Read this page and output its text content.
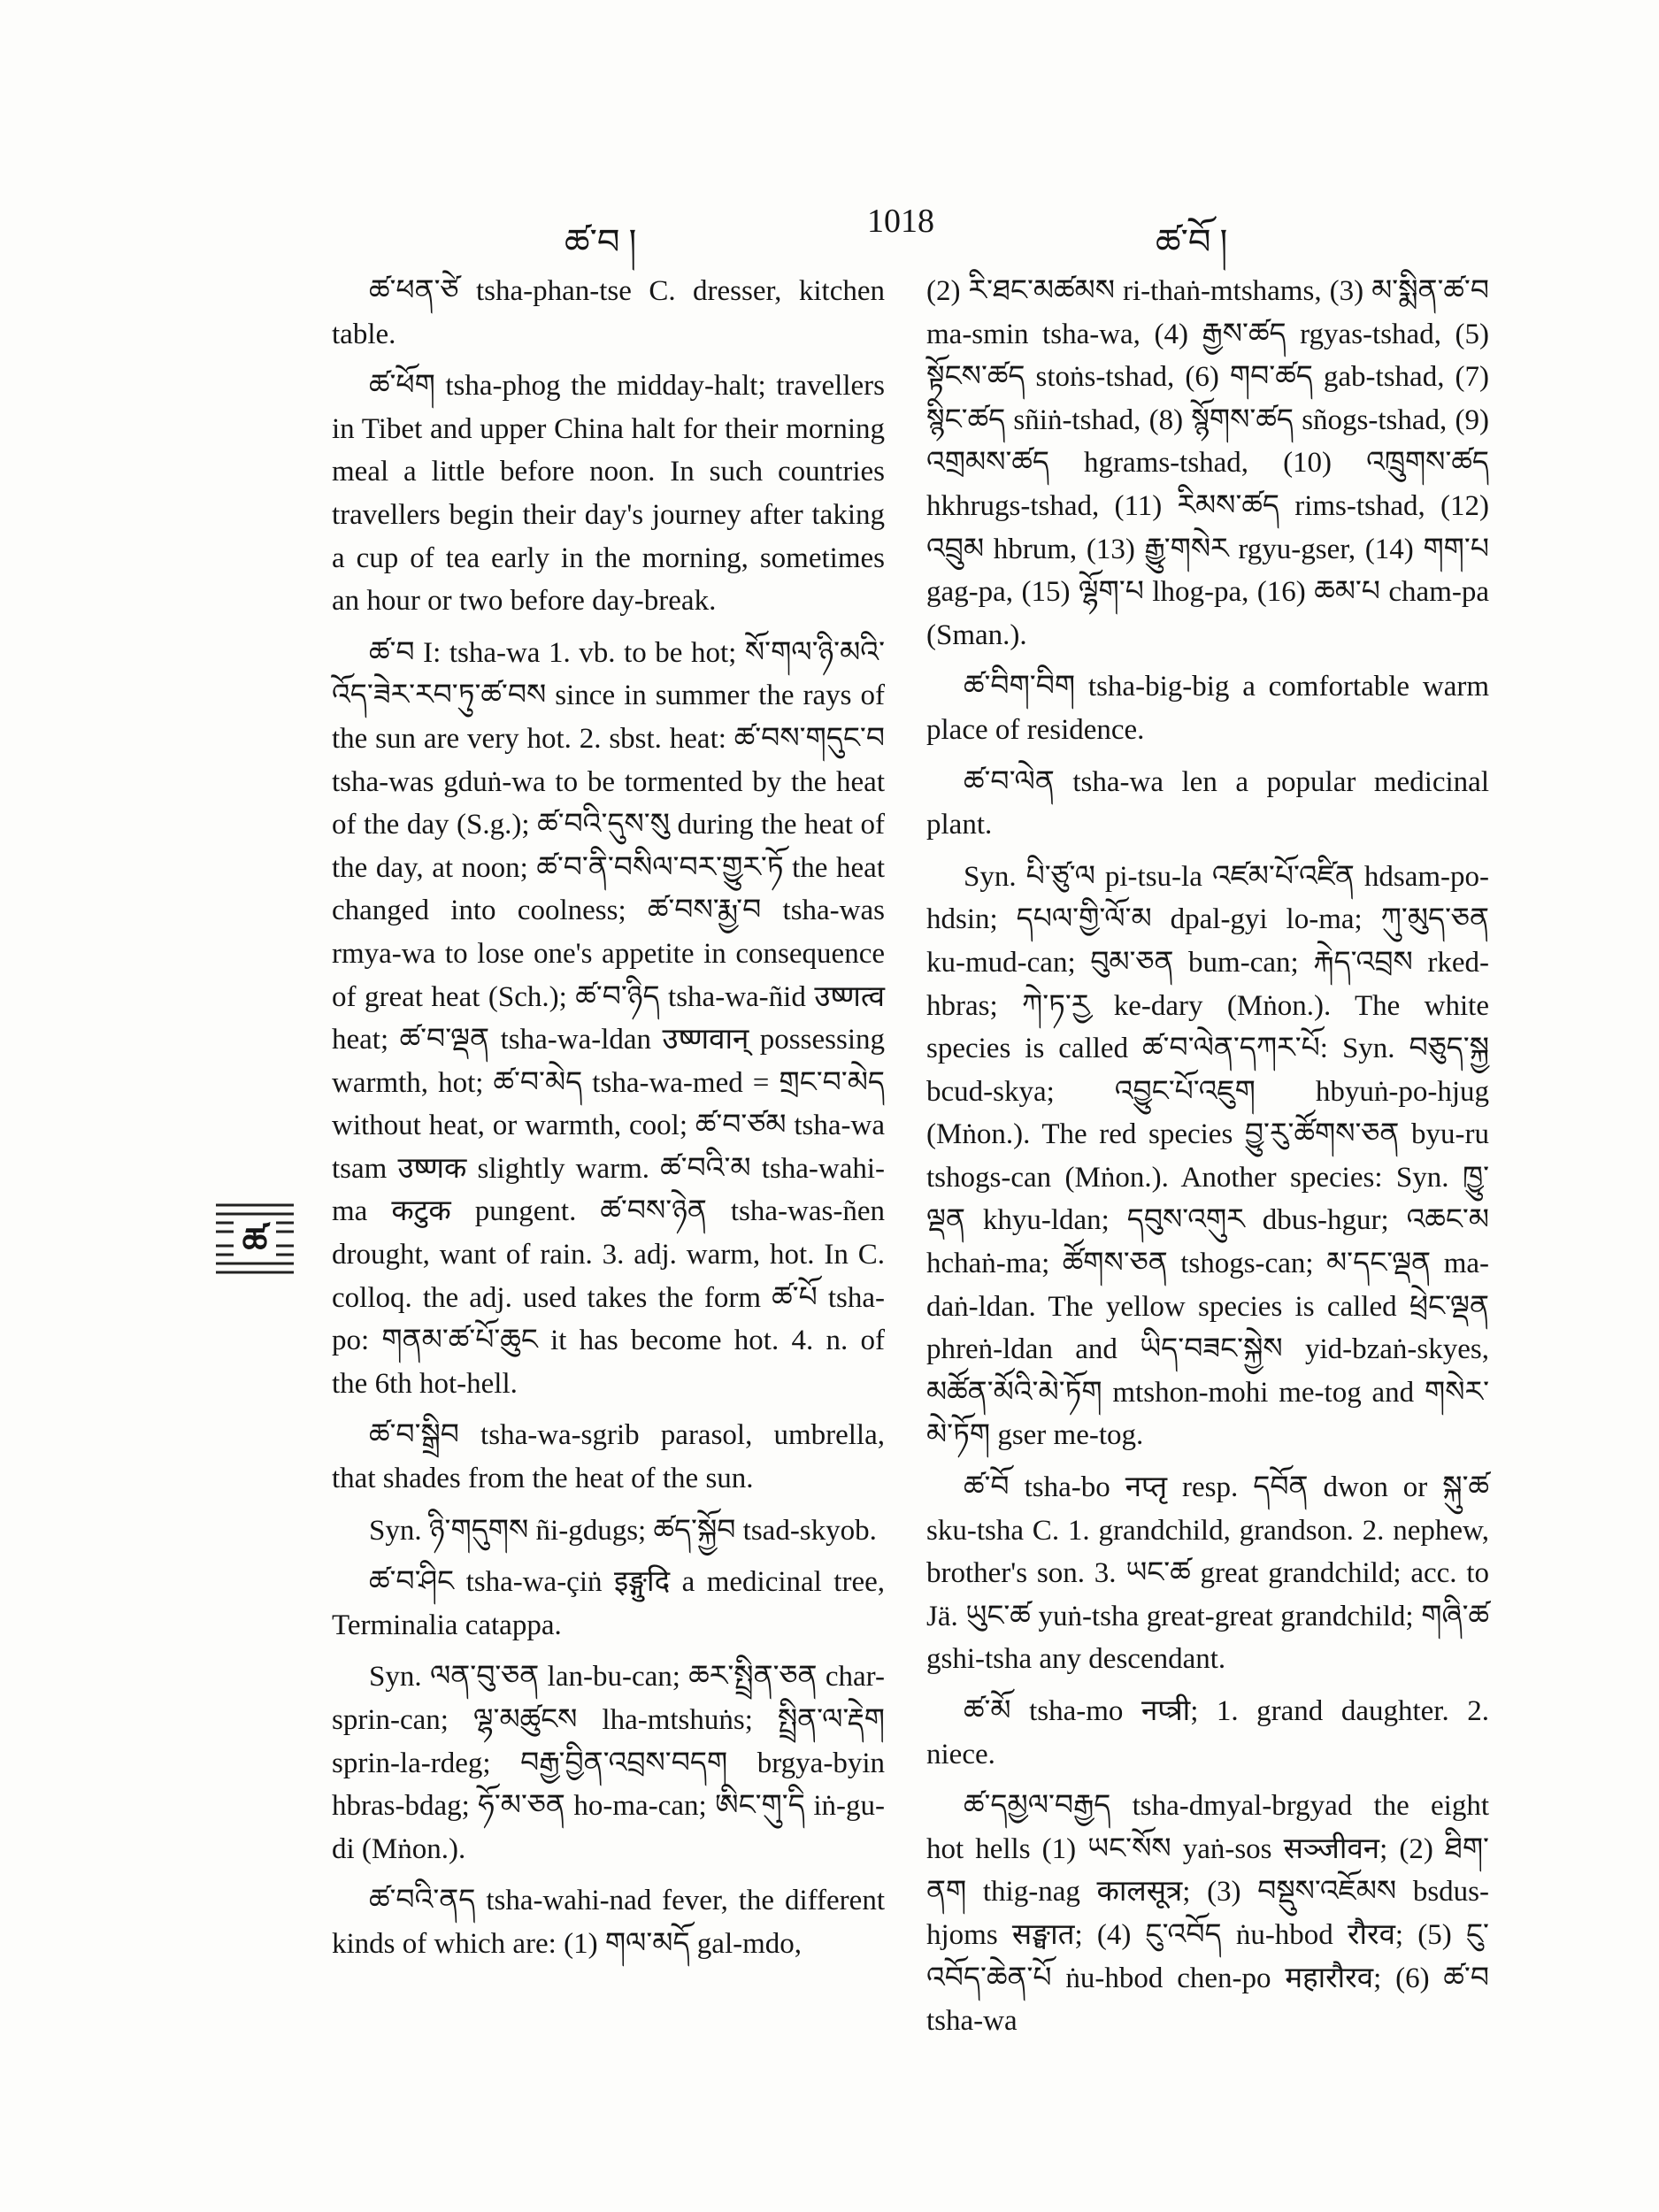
ཚ་བ །
1018
ཚ་བོ །
ཚ

ཚ་ཕན་ཙེ tsha-phan-tse C. dresser, kitchen table.

ཚ་ཕོག tsha-phog the midday-halt; travellers in Tibet and upper China halt for their morning meal a little before noon. In such countries travellers begin their day's journey after taking a cup of tea early in the morning, sometimes an hour or two before day-break.

ཚ་བ I: tsha-wa 1. vb. to be hot; སོ་གལ་ཉི་མའི་འོད་ཟེར་རབ་ཏུ་ཚ་བས since in summer the rays of the sun are very hot. 2. sbst. heat: ཚ་བས་གདུང་བ tsha-was gduṅ-wa to be tormented by the heat of the day (S.g.); ཚ་བའི་དུས་སུ during the heat of the day, at noon; ཚ་བ་ནི་བསིལ་བར་གྱུར་ཏོ the heat changed into coolness; ཚ་བས་རྨྱ་བ tsha-was rmya-wa to lose one's appetite in consequence of great heat (Sch.); ཚ་བ་ཉིད tsha-wa-ñid उष्णत्व heat; ཚ་བ་ལྡན tsha-wa-ldan उष्णवान् possessing warmth, hot; ཚ་བ་མེད tsha-wa-med = གྲང་བ་མེད without heat, or warmth, cool; ཚ་བ་ཙམ tsha-wa tsam उष्णक slightly warm. ཚ་བའི་མ tsha-wahi-ma कटुक pungent. ཚ་བས་ཉེན tsha-was-ñen drought, want of rain. 3. adj. warm, hot. In C. colloq. the adj. used takes the form ཚ་པོ tsha-po: གནམ་ཚ་པོ་ཆུང it has become hot. 4. n. of the 6th hot-hell.

ཚ་བ་སྒྲིབ tsha-wa-sgrib parasol, umbrella, that shades from the heat of the sun.

Syn. ཉི་གདུགས ñi-gdugs; ཚད་སྐྱོབ tsad-skyob.

ཚ་བ་ཤིང tsha-wa-çiṅ इङ्गुदि a medicinal tree, Terminalia catappa.

Syn. ལན་བུ་ཅན lan-bu-can; ཆར་སྤྲིན་ཅན char-sprin-can; ལྷ་མཚུངས lha-mtshuṅs; སྤྲིན་ལ་རྡེག sprin-la-rdeg; བརྒྱ་བྱིན་འབྲས་བདག brgya-byin hbras-bdag; ཧོ་མ་ཅན ho-ma-can; ཨིང་གུ་དི iṅ-gu-di (Mṅon.).

ཚ་བའི་ནད tsha-wahi-nad fever, the different kinds of which are: (1) གལ་མདོ gal-mdo,

(2) རི་ཐང་མཚམས ri-thaṅ-mtshams, (3) མ་སྨིན་ཚ་བ ma-smin tsha-wa, (4) རྒྱས་ཚད rgyas-tshad, (5) སྟོངས་ཚད stoṅs-tshad, (6) གབ་ཚད gab-tshad, (7) སྙིང་ཚད sñiṅ-tshad, (8) སྙོགས་ཚད sñogs-tshad, (9) འགྲམས་ཚད hgrams-tshad, (10) འཁྲུགས་ཚད hkhrugs-tshad, (11) རིམས་ཚད rims-tshad, (12) འབྲུམ hbrum, (13) རྒྱུ་གསེར rgyu-gser, (14) གག་པ gag-pa, (15) ལྷོག་པ lhog-pa, (16) ཆམ་པ cham-pa (Sman.).

ཚ་བིག་བིག tsha-big-big a comfortable warm place of residence.

ཚ་བ་ལེན tsha-wa len a popular medicinal plant.

Syn. པི་ཙུ་ལ pi-tsu-la འཛམ་པོ་འཛིན hdsam-po-hdsin; དཔལ་གྱི་ལོ་མ dpal-gyi lo-ma; ཀུ་མུད་ཅན ku-mud-can; བུམ་ཅན bum-can; རྐེད་འབྲས rked-hbras; ཀེ་ཏ་རྱ ke-dary (Mṅon.). The white species is called ཚ་བ་ལེན་དཀར་པོ: Syn. བཅུད་སྐྱ bcud-skya; འབྱུང་པོ་འཇུག hbyuṅ-po-hjug (Mṅon.). The red species བྱུ་རུ་ཚོགས་ཅན byu-ru tshogs-can (Mṅon.). Another species: Syn. ཁྱུ་ལྡན khyu-ldan; དབུས་འགུར dbus-hgur; འཆང་མ hchaṅ-ma; ཚོགས་ཅན tshogs-can; མ་དང་ལྡན ma-daṅ-ldan. The yellow species is called ཕྲེང་ལྡན phreṅ-ldan and ཡིད་བཟང་སྐྱེས yid-bzaṅ-skyes, མཚོན་མོའི་མེ་ཏོག mtshon-mohi me-tog and གསེར་མེ་ཏོག gser me-tog.

ཚ་བོ tsha-bo नप्तृ resp. དབོན dwon or སྐུ་ཚ sku-tsha C. 1. grandchild, grandson. 2. nephew, brother's son. 3. ཡང་ཚ great grandchild; acc. to Jä. ཡུང་ཚ yuṅ-tsha great-great grandchild; གཞི་ཚ gshi-tsha any descendant.

ཚ་མོ tsha-mo नप्त्री; 1. grand daughter. 2. niece.

ཚ་དམྱལ་བརྒྱད tsha-dmyal-brgyad the eight hot hells (1) ཡང་སོས yaṅ-sos सञ्जीवन; (2) ཐིག་ནག thig-nag कालसूत्र; (3) བསྡུས་འཇོམས bsdus-hjoms सङ्घात; (4) ངུ་འབོད ṅu-hbod रौरव; (5) ངུ་འབོད་ཆེན་པོ ṅu-hbod chen-po महारौरव; (6) ཚ་བ tsha-wa
